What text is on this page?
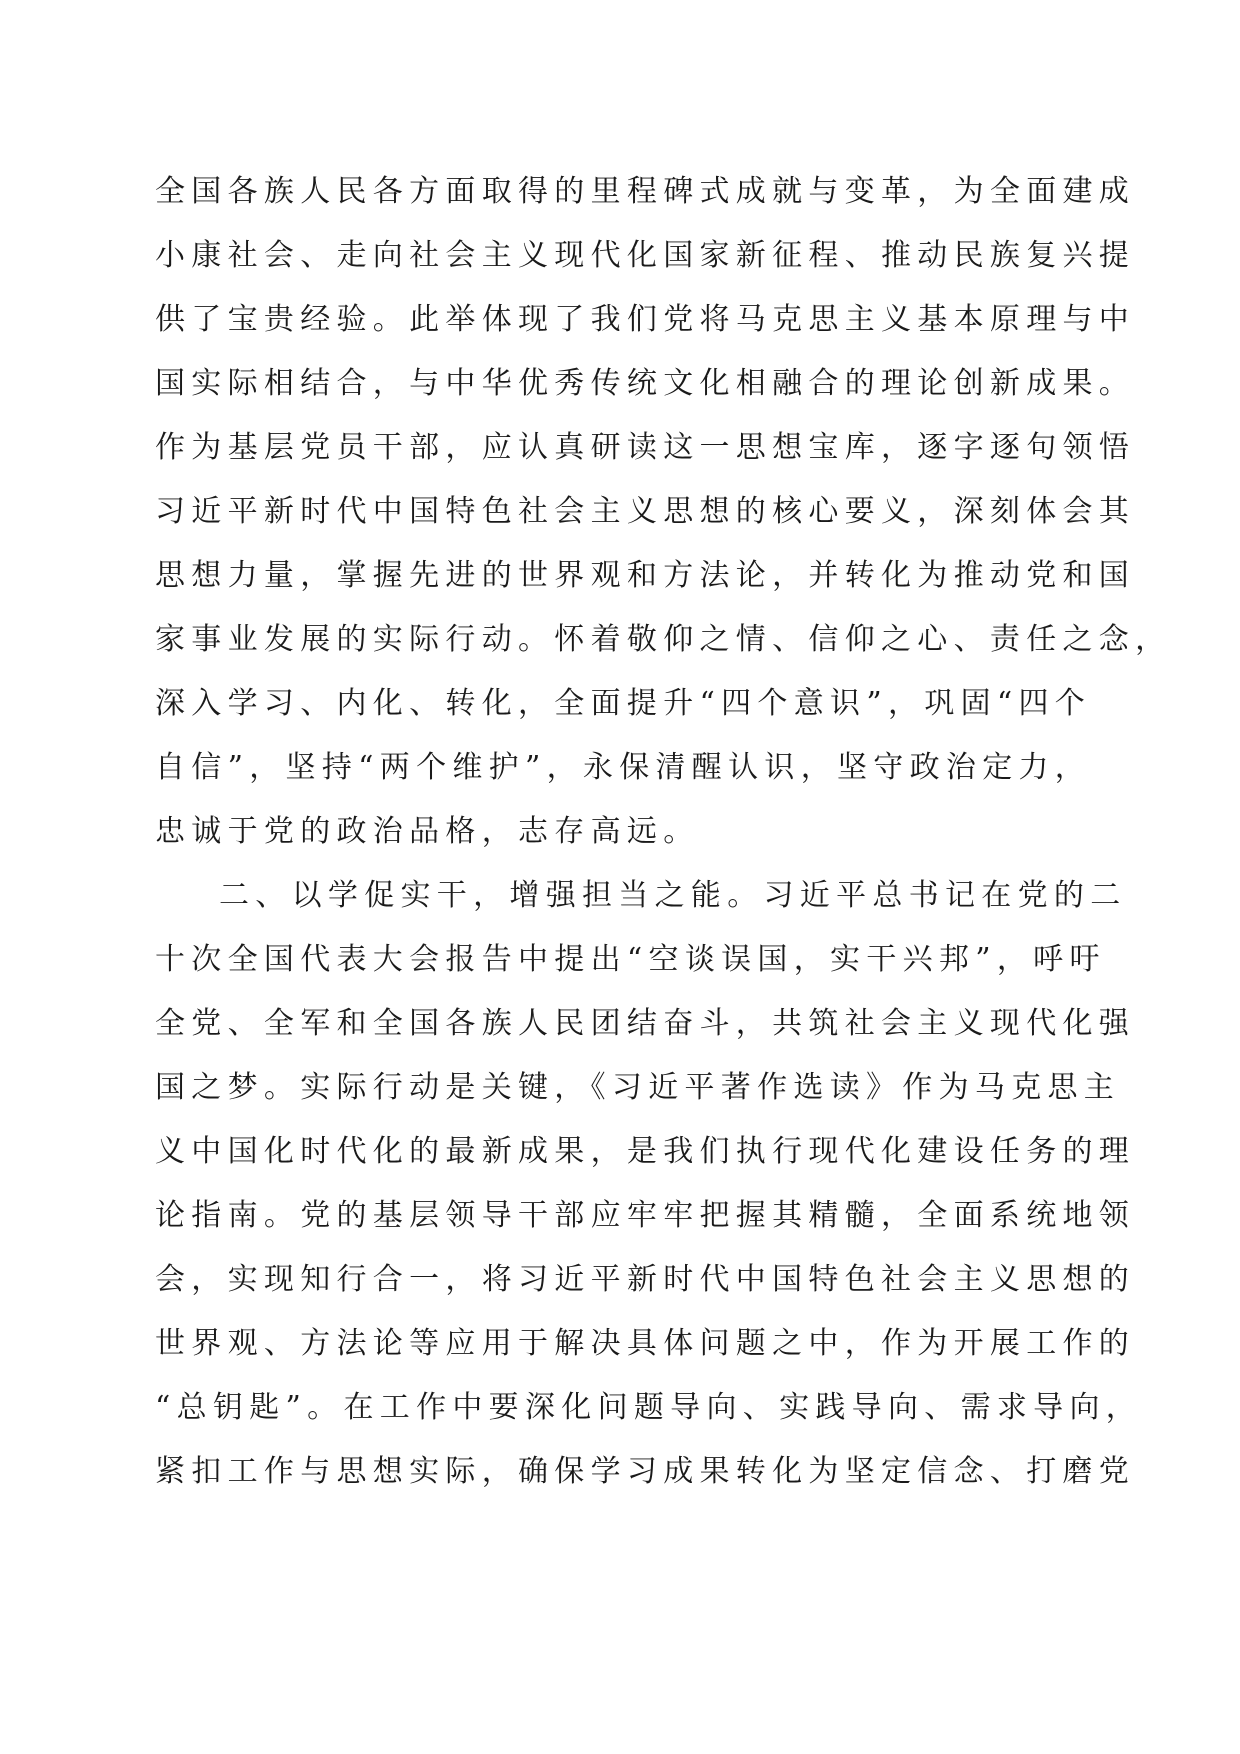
全国各族人民各方面取得的里程碑式成就与变革，为全面建成
小康社会、走向社会主义现代化国家新征程、推动民族复兴提
供了宝贵经验。此举体现了我们党将马克思主义基本原理与中
国实际相结合，与中华优秀传统文化相融合的理论创新成果。
作为基层党员干部，应认真研读这一思想宝库，逐字逐句领悟
习近平新时代中国特色社会主义思想的核心要义，深刻体会其
思想力量，掌握先进的世界观和方法论，并转化为推动党和国
家事业发展的实际行动。怀着敬仰之情、信仰之心、责任之念，
深入学习、内化、转化，全面提升“四个意识”，巩固“四个
自信”，坚持“两个维护”，永保清醒认识，坚守政治定力，
忠诚于党的政治品格，志存高远。
二、以学促实干，增强担当之能。习近平总书记在党的二
十次全国代表大会报告中提出“空谈误国，实干兴邦”，呼吁
全党、全军和全国各族人民团结奋斗，共筑社会主义现代化强
国之梦。实际行动是关键，《习近平著作选读》作为马克思主
义中国化时代化的最新成果，是我们执行现代化建设任务的理
论指南。党的基层领导干部应牢牢把握其精髓，全面系统地领
会，实现知行合一，将习近平新时代中国特色社会主义思想的
世界观、方法论等应用于解决具体问题之中，作为开展工作的
“总钥匙”。在工作中要深化问题导向、实践导向、需求导向，
紧扣工作与思想实际，确保学习成果转化为坚定信念、打磨党
